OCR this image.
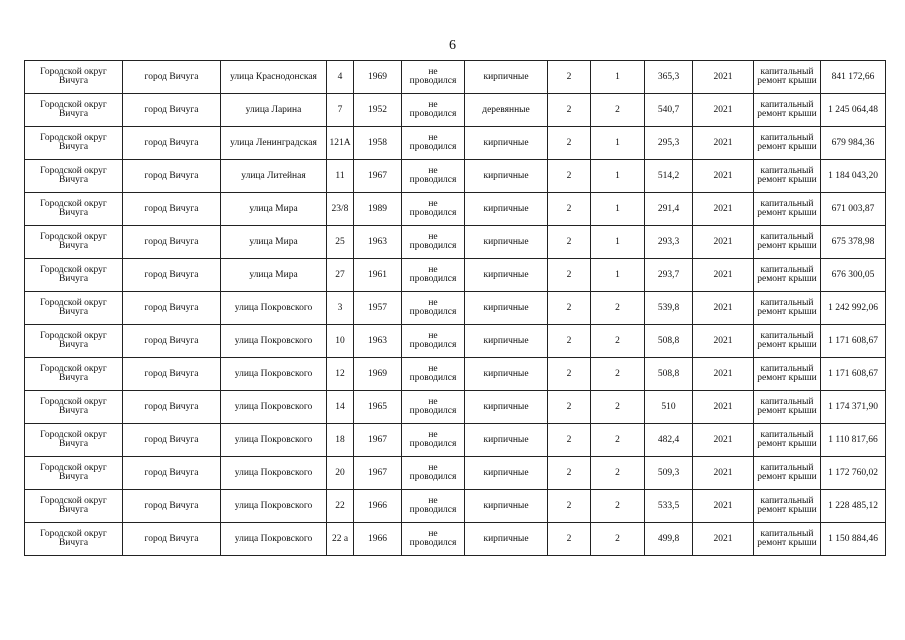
6
Городской округ Вичуга	город Вичуга	улица Краснодонская	4	1969	не проводился	кирпичные	2	1	365,3	2021	капитальный ремонт крыши	841 172,66
Городской округ Вичуга	город Вичуга	улица Ларина	7	1952	не проводился	деревянные	2	2	540,7	2021	капитальный ремонт крыши	1 245 064,48
Городской округ Вичуга	город Вичуга	улица Ленинградская	121А	1958	не проводился	кирпичные	2	1	295,3	2021	капитальный ремонт крыши	679 984,36
Городской округ Вичуга	город Вичуга	улица Литейная	11	1967	не проводился	кирпичные	2	1	514,2	2021	капитальный ремонт крыши	1 184 043,20
Городской округ Вичуга	город Вичуга	улица Мира	23/8	1989	не проводился	кирпичные	2	1	291,4	2021	капитальный ремонт крыши	671 003,87
Городской округ Вичуга	город Вичуга	улица Мира	25	1963	не проводился	кирпичные	2	1	293,3	2021	капитальный ремонт крыши	675 378,98
Городской округ Вичуга	город Вичуга	улица Мира	27	1961	не проводился	кирпичные	2	1	293,7	2021	капитальный ремонт крыши	676 300,05
Городской округ Вичуга	город Вичуга	улица Покровского	3	1957	не проводился	кирпичные	2	2	539,8	2021	капитальный ремонт крыши	1 242 992,06
Городской округ Вичуга	город Вичуга	улица Покровского	10	1963	не проводился	кирпичные	2	2	508,8	2021	капитальный ремонт крыши	1 171 608,67
Городской округ Вичуга	город Вичуга	улица Покровского	12	1969	не проводился	кирпичные	2	2	508,8	2021	капитальный ремонт крыши	1 171 608,67
Городской округ Вичуга	город Вичуга	улица Покровского	14	1965	не проводился	кирпичные	2	2	510	2021	капитальный ремонт крыши	1 174 371,90
Городской округ Вичуга	город Вичуга	улица Покровского	18	1967	не проводился	кирпичные	2	2	482,4	2021	капитальный ремонт крыши	1 110 817,66
Городской округ Вичуга	город Вичуга	улица Покровского	20	1967	не проводился	кирпичные	2	2	509,3	2021	капитальный ремонт крыши	1 172 760,02
Городской округ Вичуга	город Вичуга	улица Покровского	22	1966	не проводился	кирпичные	2	2	533,5	2021	капитальный ремонт крыши	1 228 485,12
Городской округ Вичуга	город Вичуга	улица Покровского	22 а	1966	не проводился	кирпичные	2	2	499,8	2021	капитальный ремонт крыши	1 150 884,46
